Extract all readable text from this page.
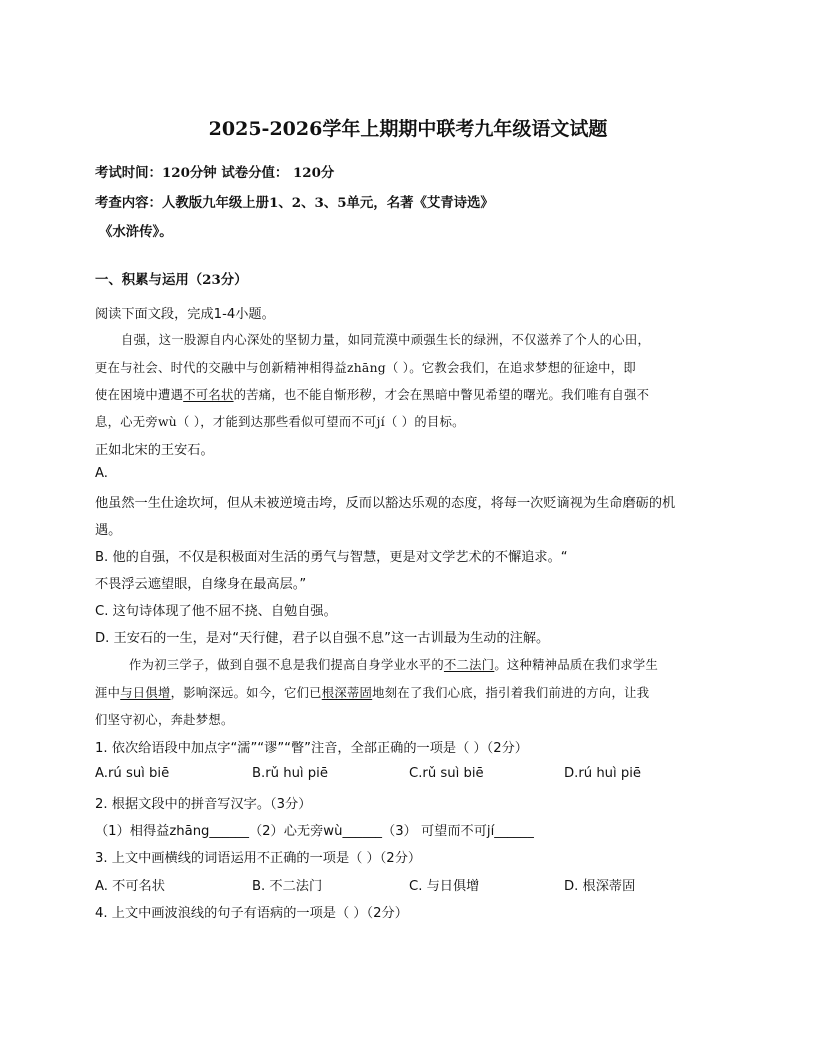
2025-2026学年上期期中联考九年级语文试题
考试时间：120分钟 试卷分值： 120分
考查内容：人教版九年级上册1、2、3、5单元，名著《艾青诗选》
《水浒传》。
一、积累与运用（23分）
阅读下面文段，完成1-4小题。
自强，这一股源自内心深处的坚韧力量，如同荒漠中顽强生长的绿洲，不仅滋养了个人的心田，
更在与社会、时代的交融中与创新精神相得益zhāng（ ）。它教会我们，在追求梦想的征途中，即
使在困境中遭遇不可名状的苦痛，也不能自惭形秽，才会在黑暗中瞥见希望的曙光。我们唯有自强不
息，心无旁wù（ ），才能到达那些看似可望而不可jí（ ）的目标。
正如北宋的王安石。
A.
他虽然一生仕途坎坷，但从未被逆境击垮，反而以豁达乐观的态度，将每一次贬谪视为生命磨砺的机
遇。
B. 他的自强，不仅是积极面对生活的勇气与智慧，更是对文学艺术的不懈追求。“
不畏浮云遮望眼，自缘身在最高层。”
C. 这句诗体现了他不屈不挠、自勉自强。
D. 王安石的一生，是对“天行健，君子以自强不息”这一古训最为生动的注解。
作为初三学子，做到自强不息是我们提高自身学业水平的不二法门。这种精神品质在我们求学生
涯中与日俱增，影响深远。如今，它们已根深蒂固地刻在了我们心底，指引着我们前进的方向，让我
们坚守初心，奔赴梦想。
1. 依次给语段中加点字“濡”“谬”“瞥”注音，全部正确的一项是（ ）（2分）
A.rú suì biē	B.rǔ huì piē	C.rǔ suì biē	D.rú huì piē
2. 根据文段中的拼音写汉字。（3分）
（1）相得益zhāng______（2）心无旁wù______（3） 可望而不可jí______
3. 上文中画横线的词语运用不正确的一项是（ ）（2分）
A. 不可名状	B. 不二法门	C. 与日俱增	D. 根深蒂固
4. 上文中画波浪线的句子有语病的一项是（ ）（2分）
